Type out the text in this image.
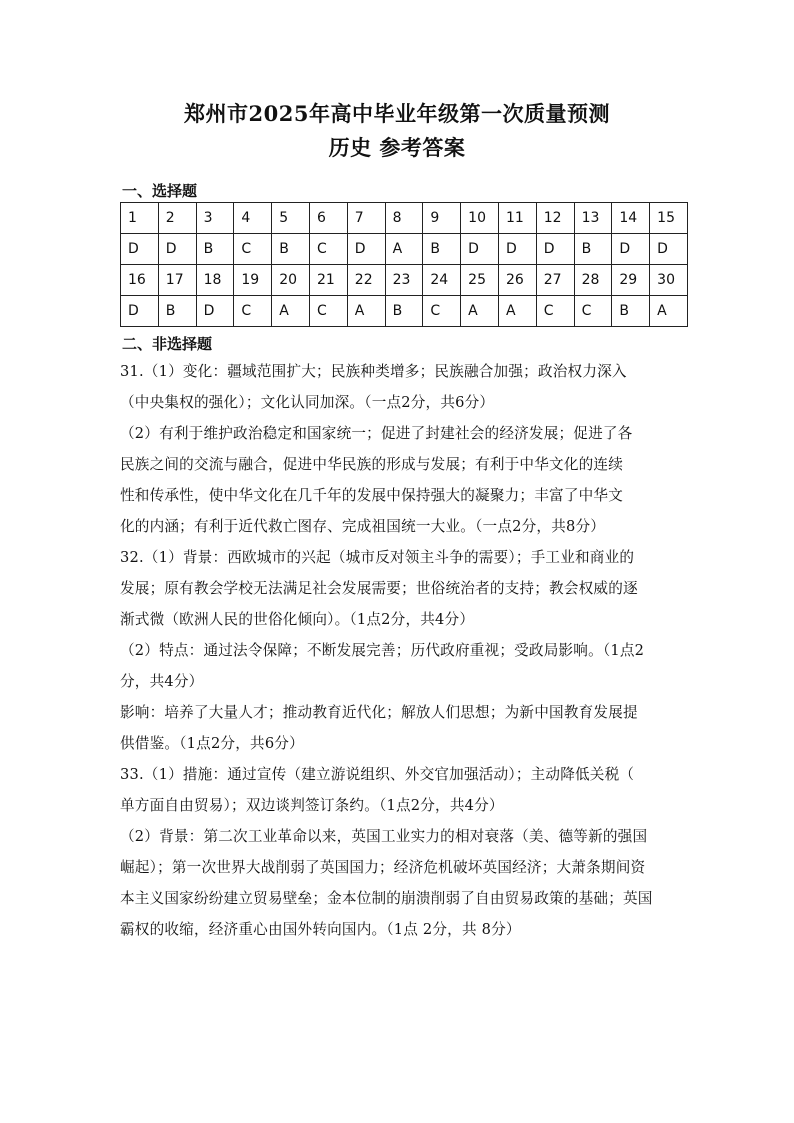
郑州市2025年高中毕业年级第一次质量预测
历史 参考答案
一、选择题
1	2	3	4	5	6	7	8	9	10	11	12	13	14	15
D	D	B	C	B	C	D	A	B	D	D	D	B	D	D
16	17	18	19	20	21	22	23	24	25	26	27	28	29	30
D	B	D	C	A	C	A	B	C	A	A	C	C	B	A
二、非选择题
31.（1）变化：疆域范围扩大；民族种类增多；民族融合加强；政治权力深入
（中央集权的强化）；文化认同加深。（一点2分，共6分）
（2）有利于维护政治稳定和国家统一；促进了封建社会的经济发展；促进了各
民族之间的交流与融合，促进中华民族的形成与发展；有利于中华文化的连续
性和传承性，使中华文化在几千年的发展中保持强大的凝聚力；丰富了中华文
化的内涵；有利于近代救亡图存、完成祖国统一大业。（一点2分，共8分）
32.（1）背景：西欧城市的兴起（城市反对领主斗争的需要）；手工业和商业的
发展；原有教会学校无法满足社会发展需要；世俗统治者的支持；教会权威的逐
渐式微（欧洲人民的世俗化倾向）。（1点2分，共4分）
（2）特点：通过法令保障；不断发展完善；历代政府重视；受政局影响。（1点2
分，共4分）
影响：培养了大量人才；推动教育近代化；解放人们思想；为新中国教育发展提
供借鉴。（1点2分，共6分）
33.（1）措施：通过宣传（建立游说组织、外交官加强活动）；主动降低关税（
单方面自由贸易）；双边谈判签订条约。（1点2分，共4分）
（2）背景：第二次工业革命以来，英国工业实力的相对衰落（美、德等新的强国
崛起）；第一次世界大战削弱了英国国力；经济危机破坏英国经济；大萧条期间资
本主义国家纷纷建立贸易壁垒；金本位制的崩溃削弱了自由贸易政策的基础；英国
霸权的收缩，经济重心由国外转向国内。（1点 2分，共 8分）
